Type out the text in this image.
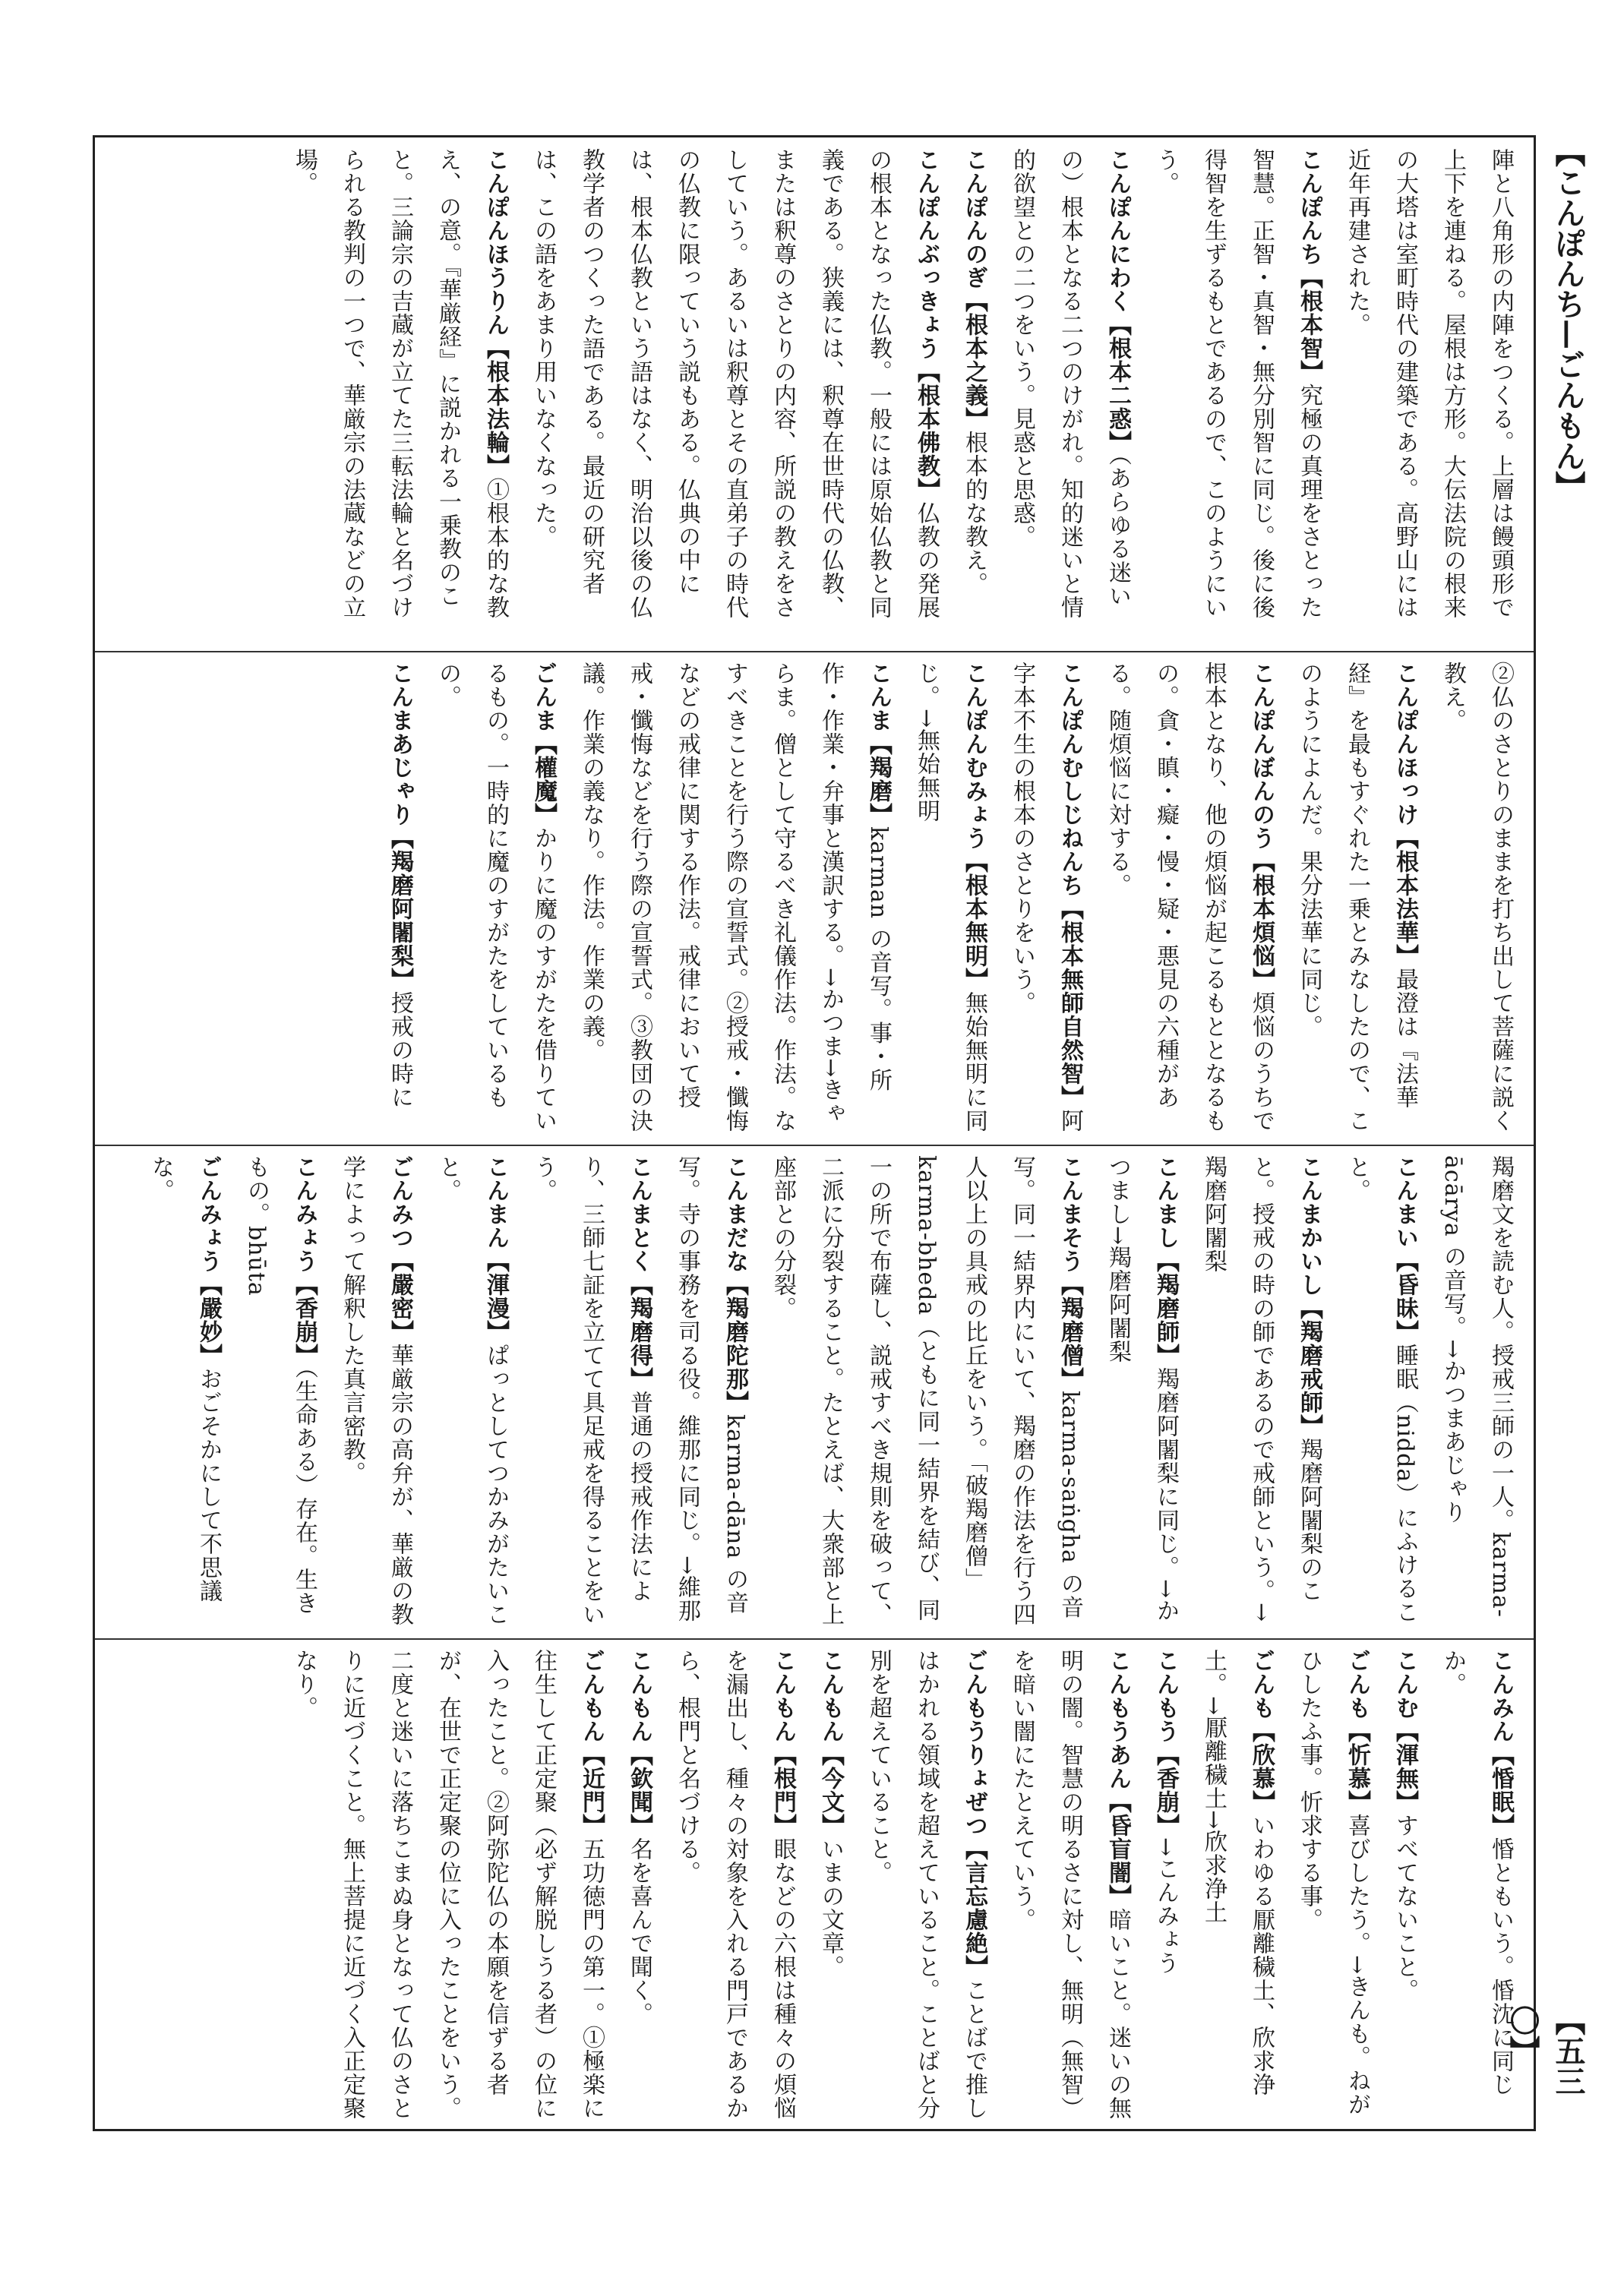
【こんぽんち—ごんもん】

陣と八角形の内陣をつくる。上層は饅頭形で上下を連ねる。屋根は方形。大伝法院の根来の大塔は室町時代の建築である。高野山には近年再建された。

こんぽんち【根本智】究極の真理をさとった智慧。正智・真智・無分別智に同じ。後に後得智を生ずるもとであるので、このようにいう。

こんぽんにわく【根本二惑】（あらゆる迷いの）根本となる二つのけがれ。知的迷いと情的欲望との二つをいう。見惑と思惑。

こんぽんのぎ【根本之義】根本的な教え。

こんぽんぶっきょう【根本佛教】仏教の発展の根本となった仏教。一般には原始仏教と同義である。狭義には、釈尊在世時代の仏教、または釈尊のさとりの内容、所説の教えをさしていう。あるいは釈尊とその直弟子の時代の仏教に限っていう説もある。仏典の中には、根本仏教という語はなく、明治以後の仏教学者のつくった語である。最近の研究者は、この語をあまり用いなくなった。

こんぽんほうりん【根本法輪】①根本的な教え、の意。『華厳経』に説かれる一乗教のこと。三論宗の吉蔵が立てた三転法輪と名づけられる教判の一つで、華厳宗の法蔵などの立場。

②仏のさとりのままを打ち出して菩薩に説く教え。

こんぽんほっけ【根本法華】最澄は『法華経』を最もすぐれた一乗とみなしたので、このようによんだ。果分法華に同じ。

こんぽんぼんのう【根本煩悩】煩悩のうちで根本となり、他の煩悩が起こるもととなるもの。貪・瞋・癡・慢・疑・悪見の六種がある。随煩悩に対する。

こんぽんむしじねんち【根本無師自然智】阿字本不生の根本のさとりをいう。

こんぽんむみょう【根本無明】無始無明に同じ。→無始無明

こんま【羯磨】karman の音写。事・所作・作業・弁事と漢訳する。→かつま→きゃらま。僧として守るべき礼儀作法。作法。なすべきことを行う際の宣誓式。②授戒・懺悔などの戒律に関する作法。戒律において授戒・懺悔などを行う際の宣誓式。③教団の決議。作業の義なり。作法。作業の義。

ごんま【權魔】かりに魔のすがたを借りているもの。一時的に魔のすがたをしているもの。

こんまあじゃり【羯磨阿闍梨】授戒の時に

羯磨文を読む人。授戒三師の一人。karma-ācārya の音写。→かつまあじゃり

こんまい【昏昧】睡眠（nidda）にふけること。

こんまかいし【羯磨戒師】羯磨阿闍梨のこと。授戒の時の師であるので戒師という。→羯磨阿闍梨

こんまし【羯磨師】羯磨阿闍梨に同じ。→かつまし→羯磨阿闍梨

こんまそう【羯磨僧】karma-saṅgha の音写。同一結界内にいて、羯磨の作法を行う四人以上の具戒の比丘をいう。「破羯磨僧」karma-bheda（ともに同一結界を結び、同一の所で布薩し、説戒すべき規則を破って、二派に分裂すること。たとえば、大衆部と上座部との分裂。

こんまだな【羯磨陀那】karma-dāna の音写。寺の事務を司る役。維那に同じ。→維那

こんまとく【羯磨得】普通の授戒作法により、三師七証を立てて具足戒を得ることをいう。

こんまん【渾漫】ぱっとしてつかみがたいこと。

ごんみつ【嚴密】華厳宗の高弁が、華厳の教学によって解釈した真言密教。

こんみょう【香崩】（生命ある）存在。生きもの。bhūta

ごんみょう【嚴妙】おごそかにして不思議な。

こんみん【惛眠】惛ともいう。惛沈に同じか。

こんむ【渾無】すべてないこと。

ごんも【忻慕】喜びしたう。→きんも。ねがひしたふ事。忻求する事。

ごんも【欣慕】いわゆる厭離穢土、欣求浄土。→厭離穢土→欣求浄土

こんもう【香崩】→こんみょう

こんもうあん【昏盲闇】暗いこと。迷いの無明の闇。智慧の明るさに対し、無明（無智）を暗い闇にたとえていう。

ごんもうりょぜつ【言忘慮絶】ことばで推しはかれる領域を超えていること。ことばと分別を超えていること。

こんもん【今文】いまの文章。

こんもん【根門】眼などの六根は種々の煩悩を漏出し、種々の対象を入れる門戸であるから、根門と名づける。

こんもん【欽聞】名を喜んで聞く。

ごんもん【近門】五功徳門の第一。①極楽に往生して正定聚（必ず解脱しうる者）の位に入ったこと。②阿弥陀仏の本願を信ずる者が、在世で正定聚の位に入ったことをいう。二度と迷いに落ちこまぬ身となって仏のさとりに近づくこと。無上菩提に近づく入正定聚なり。

【五三〇】
